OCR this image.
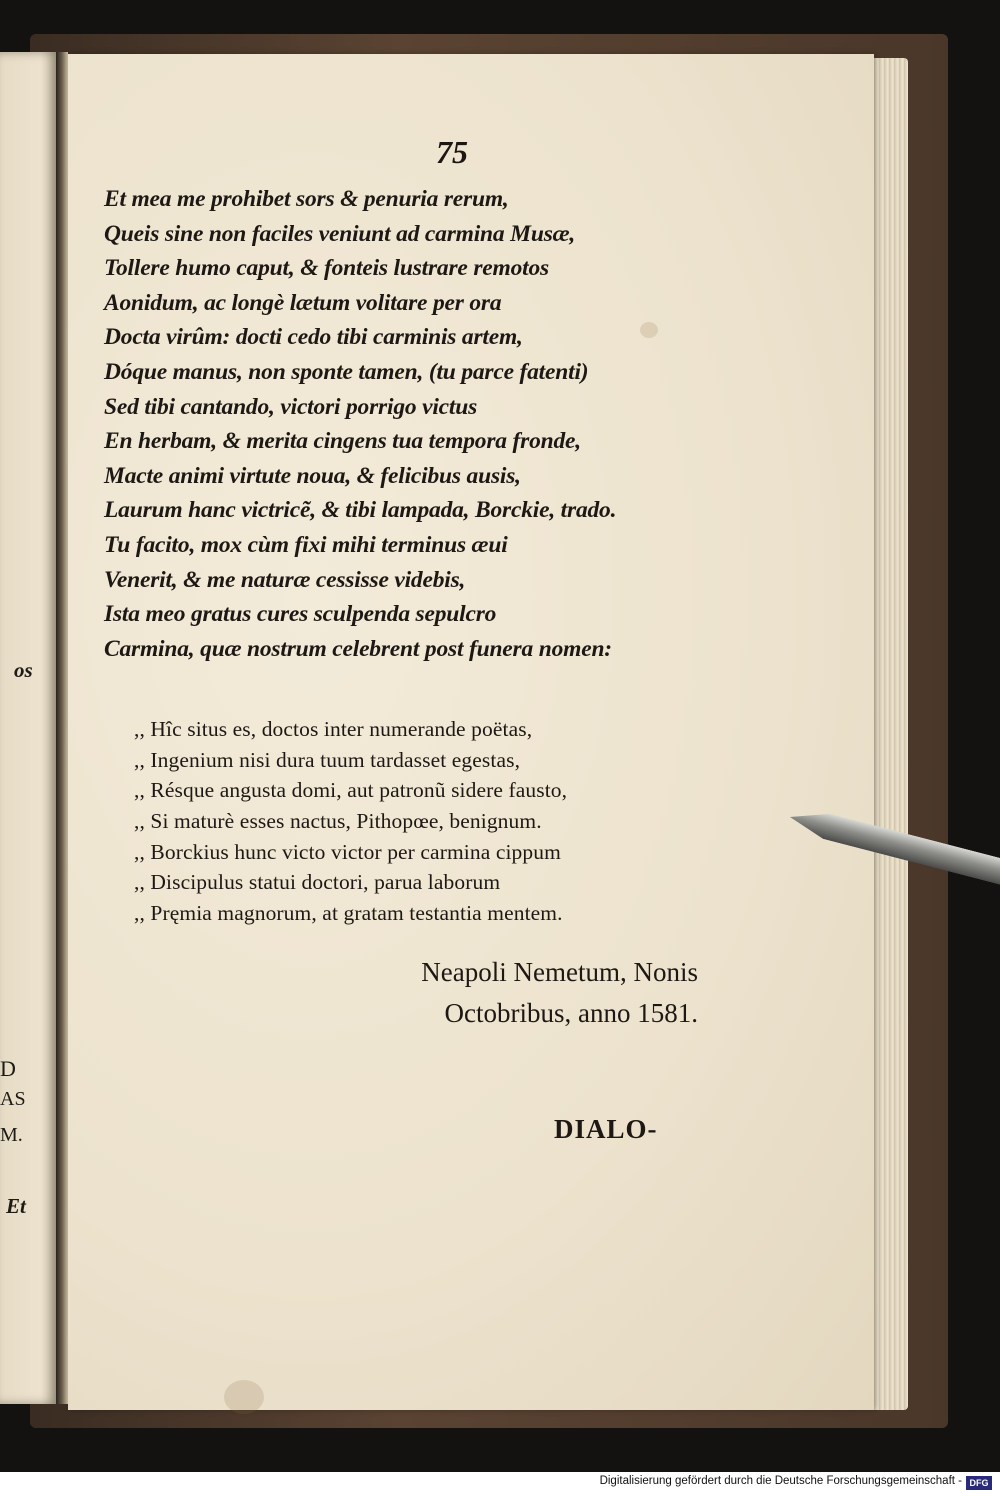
os
D
AS
M.
Et
75
Et mea me prohibet sors & penuria rerum,
Queis sine non faciles veniunt ad carmina Musæ,
Tollere humo caput, & fonteis lustrare remotos
Aonidum, ac longè lætum volitare per ora
Docta virûm: docti cedo tibi carminis artem,
Dóque manus, non sponte tamen, (tu parce fatenti)
Sed tibi cantando, victori porrigo victus
En herbam, & merita cingens tua tempora fronde,
Macte animi virtute noua, & felicibus ausis,
Laurum hanc victricẽ, & tibi lampada, Borckie, trado.
Tu facito, mox cùm fixi mihi terminus æui
Venerit, & me naturæ cessisse videbis,
Ista meo gratus cures sculpenda sepulcro
Carmina, quæ nostrum celebrent post funera nomen:
,, Hîc situs es, doctos inter numerande poëtas,
,, Ingenium nisi dura tuum tardasset egestas,
,, Résque angusta domi, aut patronũ sidere fausto,
,, Si maturè esses nactus, Pithopœe, benignum.
,, Borckius hunc victo victor per carmina cippum
,, Discipulus statui doctori, parua laborum
,, Pręmia magnorum, at gratam testantia mentem.
Neapoli Nemetum, Nonis
Octobribus, anno 1581.
DIALO-
Digitalisierung gefördert durch die Deutsche Forschungsgemeinschaft - DFG
